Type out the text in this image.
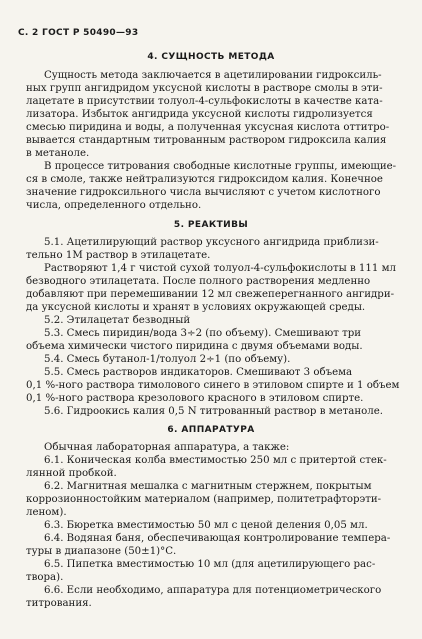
С. 2 ГОСТ Р 50490—93
4. СУЩНОСТЬ МЕТОДА
Сущность метода заключается в ацетилировании гидроксиль-
ных групп ангидридом уксусной кислоты в растворе смолы в эти-
лацетате в присутствии толуол-4-сульфокислоты в качестве ката-
лизатора. Избыток ангидрида уксусной кислоты гидролизуется
смесью пиридина и воды, а полученная уксусная кислота оттитро-
вывается стандартным титрованным раствором гидроксила калия
в метаноле.
В процессе титрования свободные кислотные группы, имеющие-
ся в смоле, также нейтрализуются гидроксидом калия. Конечное
значение гидроксильного числа вычисляют с учетом кислотного
числа, определенного отдельно.
5. РЕАКТИВЫ
5.1. Ацетилирующий раствор уксусного ангидрида приблизи-
тельно 1М раствор в этилацетате.
Растворяют 1,4 г чистой сухой толуол-4-сульфокислоты в 111 мл
безводного этилацетата. После полного растворения медленно
добавляют при перемешивании 12 мл свежеперегнанного ангидри-
да уксусной кислоты и хранят в условиях окружающей среды.
5.2. Этилацетат безводный
5.3. Смесь пиридин/вода 3÷2 (по объему). Смешивают три
объема химически чистого пиридина с двумя объемами воды.
5.4. Смесь бутанол-1/толуол 2÷1 (по объему).
5.5. Смесь растворов индикаторов. Смешивают 3 объема
0,1 %-ного раствора тимолового синего в этиловом спирте и 1 объем
0,1 %-ного раствора крезолового красного в этиловом спирте.
5.6. Гидроокись калия 0,5 N титрованный раствор в метаноле.
6. АППАРАТУРА
Обычная лабораторная аппаратура, а также:
6.1. Коническая колба вместимостью 250 мл с притертой стек-
лянной пробкой.
6.2. Магнитная мешалка с магнитным стержнем, покрытым
коррозионностойким материалом (например, политетрафторэти-
леном).
6.3. Бюретка вместимостью 50 мл с ценой деления 0,05 мл.
6.4. Водяная баня, обеспечивающая контролирование темпера-
туры в диапазоне (50±1)°С.
6.5. Пипетка вместимостью 10 мл (для ацетилирующего рас-
твора).
6.6. Если необходимо, аппаратура для потенциометрического
титрования.
